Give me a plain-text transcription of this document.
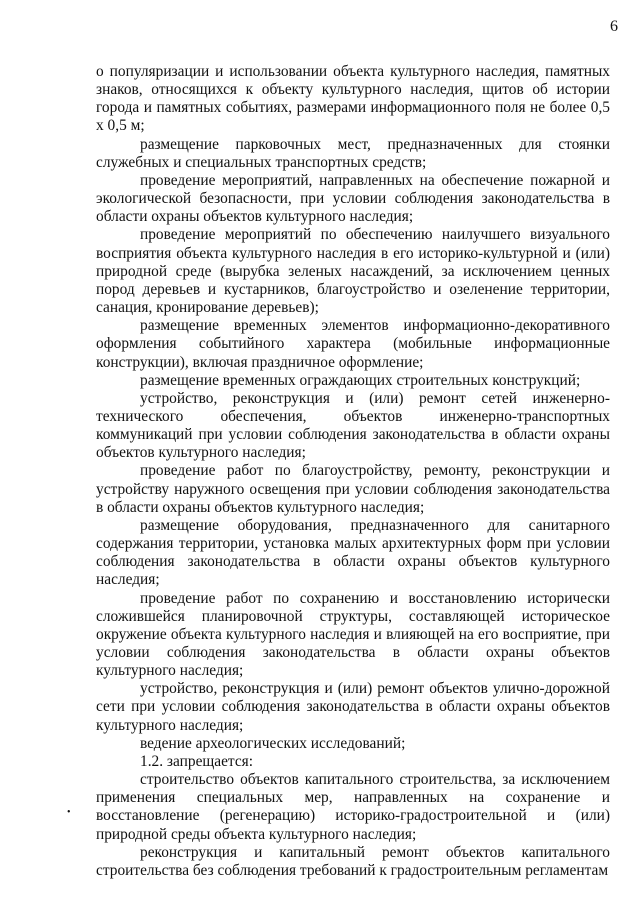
6
•

о популяризации и использовании объекта культурного наследия, памятных знаков, относящихся к объекту культурного наследия, щитов об истории города и памятных событиях, размерами информационного поля не более 0,5 х 0,5 м;

размещение парковочных мест, предназначенных для стоянки служебных и специальных транспортных средств;

проведение мероприятий, направленных на обеспечение пожарной и экологической безопасности, при условии соблюдения законодательства в области охраны объектов культурного наследия;

проведение мероприятий по обеспечению наилучшего визуального восприятия объекта культурного наследия в его историко-культурной и (или) природной среде (вырубка зеленых насаждений, за исключением ценных пород деревьев и кустарников, благоустройство и озеленение территории, санация, кронирование деревьев);

размещение временных элементов информационно-декоративного оформления событийного характера (мобильные информационные конструкции), включая праздничное оформление;

размещение временных ограждающих строительных конструкций;

устройство, реконструкция и (или) ремонт сетей инженерно-технического обеспечения, объектов инженерно-транспортных коммуникаций при условии соблюдения законодательства в области охраны объектов культурного наследия;

проведение работ по благоустройству, ремонту, реконструкции и устройству наружного освещения при условии соблюдения законодательства в области охраны объектов культурного наследия;

размещение оборудования, предназначенного для санитарного содержания территории, установка малых архитектурных форм при условии соблюдения законодательства в области охраны объектов культурного наследия;

проведение работ по сохранению и восстановлению исторически сложившейся планировочной структуры, составляющей историческое окружение объекта культурного наследия и влияющей на его восприятие, при условии соблюдения законодательства в области охраны объектов культурного наследия;

устройство, реконструкция и (или) ремонт объектов улично-дорожной сети при условии соблюдения законодательства в области охраны объектов культурного наследия;

ведение археологических исследований;

1.2. запрещается:

строительство объектов капитального строительства, за исключением применения специальных мер, направленных на сохранение и восстановление (регенерацию) историко-градостроительной и (или) природной среды объекта культурного наследия;

реконструкция и капитальный ремонт объектов капитального строительства без соблюдения требований к градостроительным регламентам
